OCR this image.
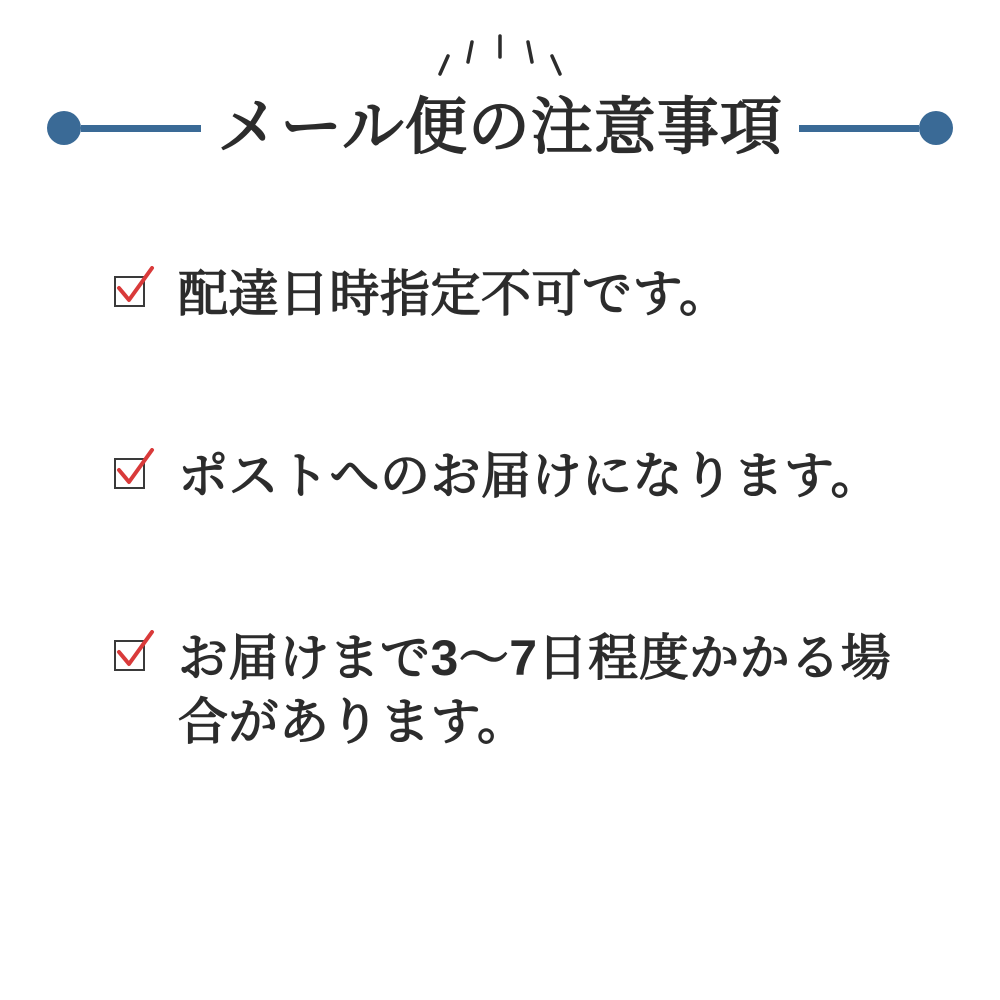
メール便の注意事項
配達日時指定不可です。
ポストへのお届けになります。
お届けまで3〜7日程度かかる場合があります。
